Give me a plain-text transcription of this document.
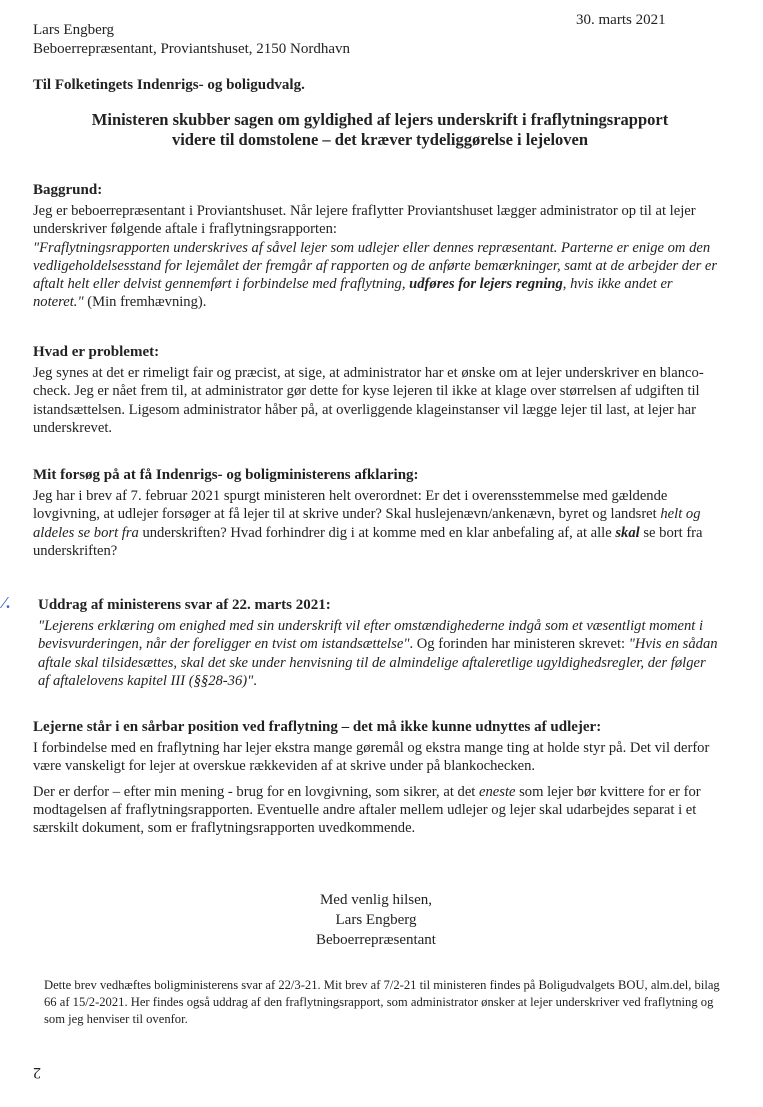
Lars Engberg
Beboerrepræsentant, Proviantshuset, 2150 Nordhavn
30. marts 2021
Til Folketingets Indenrigs- og boligudvalg.
Ministeren skubber sagen om gyldighed af lejers underskrift i fraflytningsrapport
videre til domstolene – det kræver tydeliggørelse i lejeloven
Baggrund:

Jeg er beboerrepræsentant i Proviantshuset. Når lejere fraflytter Proviantshuset lægger administrator op til at lejer underskriver følgende aftale i fraflytningsrapporten:

"Fraflytningsrapporten underskrives af såvel lejer som udlejer eller dennes repræsentant. Parterne er enige om den vedligeholdelsesstand for lejemålet der fremgår af rapporten og de anførte bemærkninger, samt at de arbejder der er aftalt helt eller delvist gennemført i forbindelse med fraflytning, udføres for lejers regning, hvis ikke andet er noteret." (Min fremhævning).

Hvad er problemet:

Jeg synes at det er rimeligt fair og præcist, at sige, at administrator har et ønske om at lejer underskriver en blanco-check. Jeg er nået frem til, at administrator gør dette for kyse lejeren til ikke at klage over størrelsen af udgiften til istandsættelsen. Ligesom administrator håber på, at overliggende klageinstanser vil lægge lejer til last, at lejer har underskrevet.

Mit forsøg på at få Indenrigs- og boligministerens afklaring:

Jeg har i brev af 7. februar 2021 spurgt ministeren helt overordnet: Er det i overensstemmelse med gældende lovgivning, at udlejer forsøger at få lejer til at skrive under? Skal huslejenævn/ankenævn, byret og landsret helt og aldeles se bort fra underskriften? Hvad forhindrer dig i at komme med en klar anbefaling af, at alle skal se bort fra underskriften?

⁄. Uddrag af ministerens svar af 22. marts 2021:

"Lejerens erklæring om enighed med sin underskrift vil efter omstændighederne indgå som et væsentligt moment i bevisvurderingen, når der foreligger en tvist om istandsættelse". Og forinden har ministeren skrevet: "Hvis en sådan aftale skal tilsidesættes, skal det ske under henvisning til de almindelige aftaleretlige ugyldighedsregler, der følger af aftalelovens kapitel III (§§28-36)".

Lejerne står i en sårbar position ved fraflytning – det må ikke kunne udnyttes af udlejer:

I forbindelse med en fraflytning har lejer ekstra mange gøremål og ekstra mange ting at holde styr på. Det vil derfor være vanskeligt for lejer at overskue rækkeviden af at skrive under på blankochecken.

Der er derfor – efter min mening - brug for en lovgivning, som sikrer, at det eneste som lejer bør kvittere for er for modtagelsen af fraflytningsrapporten. Eventuelle andre aftaler mellem udlejer og lejer skal udarbejdes separat i et særskilt dokument, som er fraflytningsrapporten uvedkommende.

Med venlig hilsen,
Lars Engberg
Beboerrepræsentant
Dette brev vedhæftes boligministerens svar af 22/3-21. Mit brev af 7/2-21 til ministeren findes på Boligudvalgets BOU, alm.del, bilag 66 af 15/2-2021. Her findes også uddrag af den fraflytningsrapport, som administrator ønsker at lejer underskriver ved fraflytning og som jeg henviser til ovenfor.
2
